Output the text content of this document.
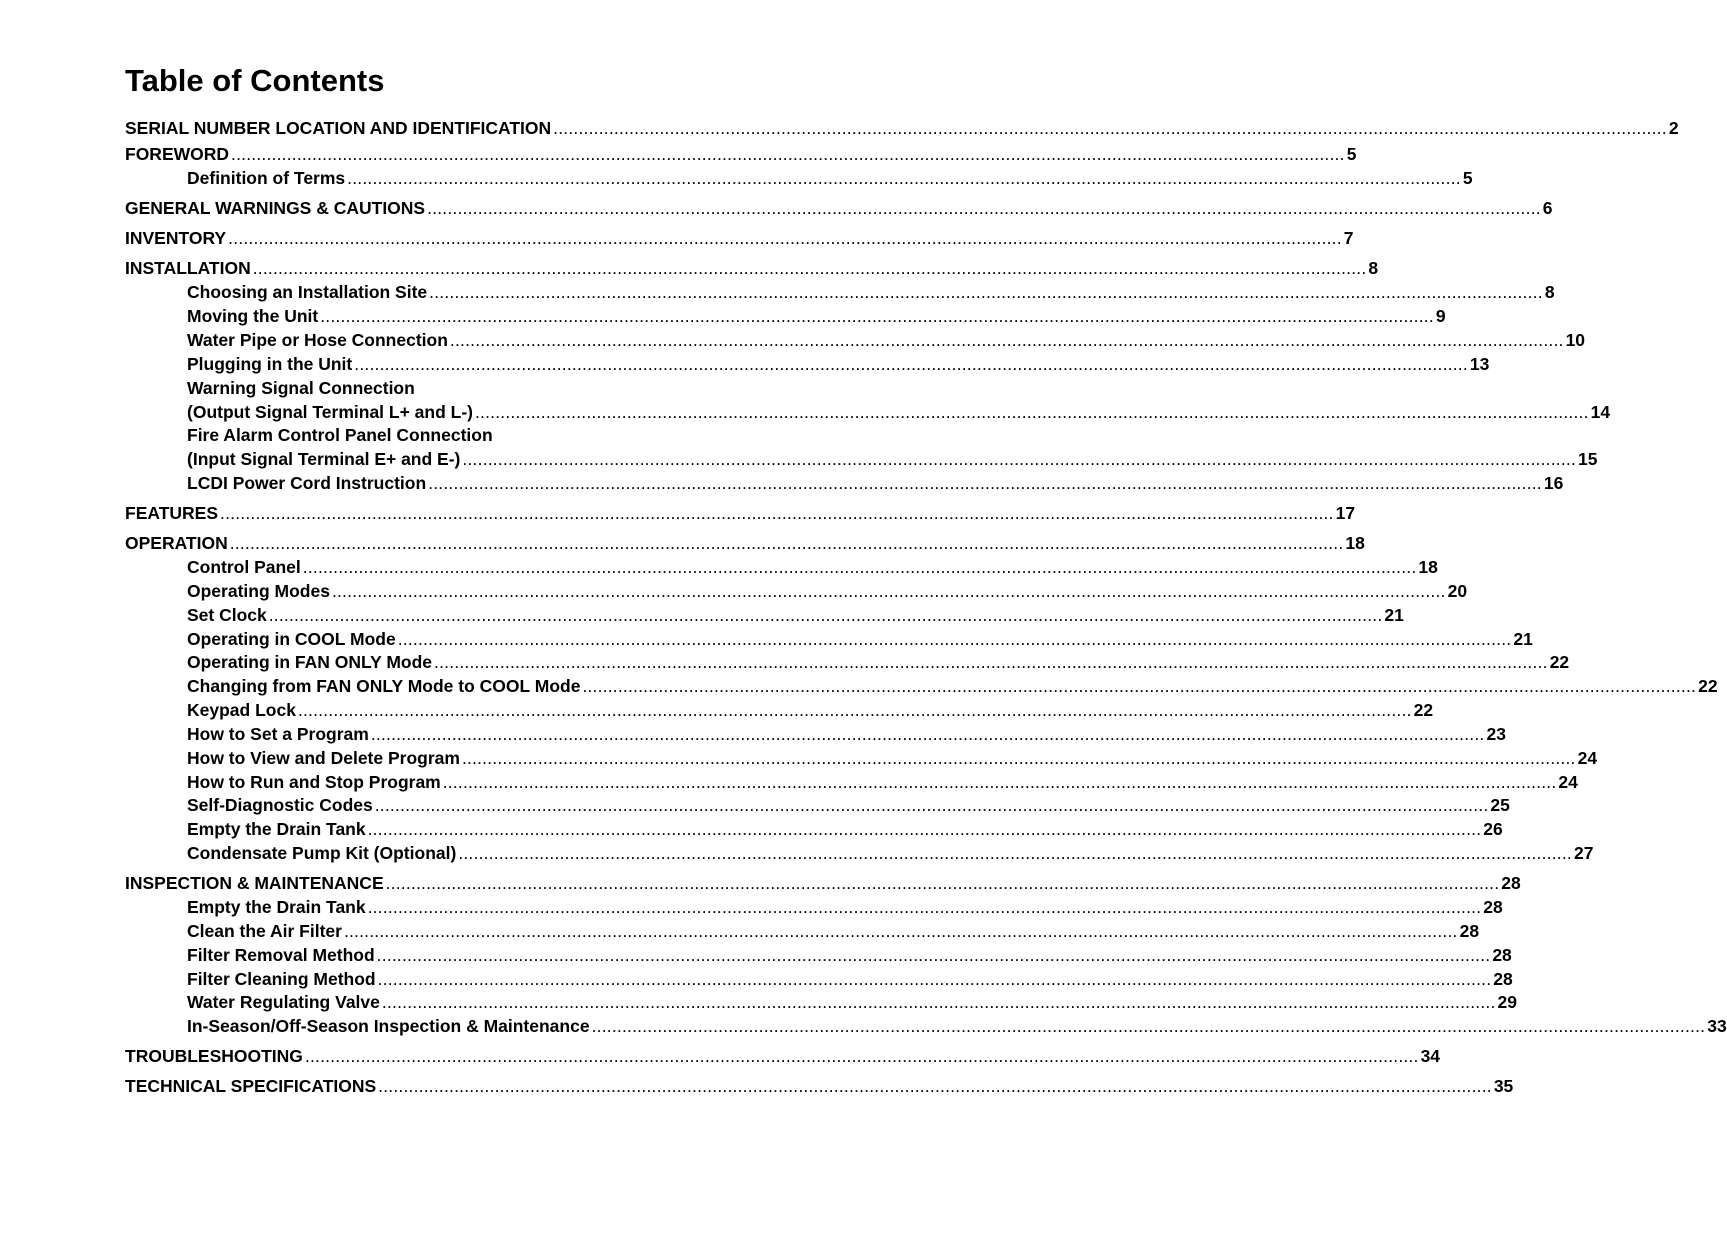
Table of Contents
SERIAL NUMBER LOCATION AND IDENTIFICATION ............................................................................................................................................................................................................................ 2
FOREWORD ............................................................................................................................................................................................................................ 5
Definition of Terms ............................................................................................................................................................................................................................ 5
GENERAL WARNINGS & CAUTIONS ............................................................................................................................................................................................................................ 6
INVENTORY ............................................................................................................................................................................................................................ 7
INSTALLATION ............................................................................................................................................................................................................................ 8
Choosing an Installation Site ............................................................................................................................................................................................................................ 8
Moving the Unit ............................................................................................................................................................................................................................ 9
Water Pipe or Hose Connection ............................................................................................................................................................................................................................ 10
Plugging in the Unit ............................................................................................................................................................................................................................ 13
Warning Signal Connection
(Output Signal Terminal L+ and L-) ............................................................................................................................................................................................................................ 14
Fire Alarm Control Panel Connection
(Input Signal Terminal E+ and E-) ............................................................................................................................................................................................................................ 15
LCDI Power Cord Instruction ............................................................................................................................................................................................................................ 16
FEATURES ............................................................................................................................................................................................................................ 17
OPERATION ............................................................................................................................................................................................................................ 18
Control Panel ............................................................................................................................................................................................................................ 18
Operating Modes ............................................................................................................................................................................................................................ 20
Set Clock ............................................................................................................................................................................................................................ 21
Operating in COOL Mode ............................................................................................................................................................................................................................ 21
Operating in FAN ONLY Mode ............................................................................................................................................................................................................................ 22
Changing from FAN ONLY Mode to COOL Mode ............................................................................................................................................................................................................................ 22
Keypad Lock ............................................................................................................................................................................................................................ 22
How to Set a Program ............................................................................................................................................................................................................................ 23
How to View and Delete Program ............................................................................................................................................................................................................................ 24
How to Run and Stop Program ............................................................................................................................................................................................................................ 24
Self-Diagnostic Codes ............................................................................................................................................................................................................................ 25
Empty the Drain Tank ............................................................................................................................................................................................................................ 26
Condensate Pump Kit (Optional) ............................................................................................................................................................................................................................ 27
INSPECTION & MAINTENANCE ............................................................................................................................................................................................................................ 28
Empty the Drain Tank ............................................................................................................................................................................................................................ 28
Clean the Air Filter ............................................................................................................................................................................................................................ 28
Filter Removal Method ............................................................................................................................................................................................................................ 28
Filter Cleaning Method ............................................................................................................................................................................................................................ 28
Water Regulating Valve ............................................................................................................................................................................................................................ 29
In-Season/Off-Season Inspection & Maintenance ............................................................................................................................................................................................................................ 33
TROUBLESHOOTING ............................................................................................................................................................................................................................ 34
TECHNICAL SPECIFICATIONS ............................................................................................................................................................................................................................ 35
